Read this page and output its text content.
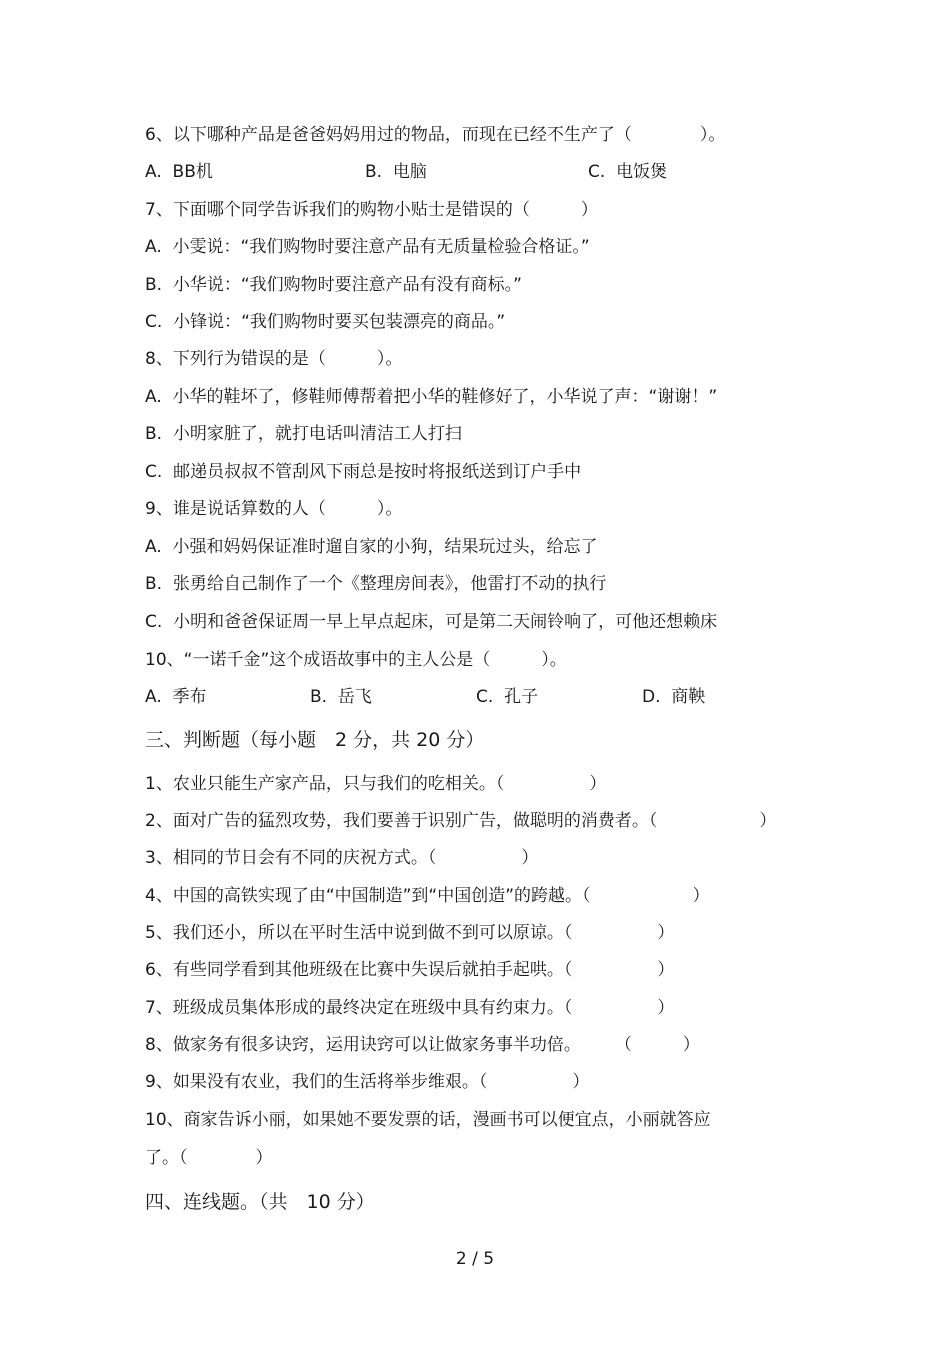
6、以下哪种产品是爸爸妈妈用过的物品，而现在已经不生产了（　　　　）。
A.  BB机	B.  电脑	C.  电饭煲
7、下面哪个同学告诉我们的购物小贴士是错误的（　　　）
A.  小雯说：“我们购物时要注意产品有无质量检验合格证。”
B.  小华说：“我们购物时要注意产品有没有商标。”
C.  小锋说：“我们购物时要买包装漂亮的商品。”
8、下列行为错误的是（　　　）。
A.  小华的鞋坏了，修鞋师傅帮着把小华的鞋修好了，小华说了声：“谢谢！”
B.  小明家脏了，就打电话叫清洁工人打扫
C.  邮递员叔叔不管刮风下雨总是按时将报纸送到订户手中
9、谁是说话算数的人（　　　）。
A.  小强和妈妈保证准时遛自家的小狗，结果玩过头，给忘了
B.  张勇给自己制作了一个《整理房间表》，他雷打不动的执行
C.  小明和爸爸保证周一早上早点起床，可是第二天闹铃响了，可他还想赖床
10、“一诺千金”这个成语故事中的主人公是（　　　）。
A.  季布	B.  岳飞	C.  孔子	D.  商鞅
三、判断题（每小题　2 分，共 20 分）
1、农业只能生产家产品，只与我们的吃相关。（　　　　　）
2、面对广告的猛烈攻势，我们要善于识别广告，做聪明的消费者。（　　　　　　）
3、相同的节日会有不同的庆祝方式。（　　　　　）
4、中国的高铁实现了由“中国制造”到“中国创造”的跨越。（　　　　　　）
5、我们还小，所以在平时生活中说到做不到可以原谅。（　　　　　）
6、有些同学看到其他班级在比赛中失误后就拍手起哄。（　　　　　）
7、班级成员集体形成的最终决定在班级中具有约束力。（　　　　　）
8、做家务有很多诀窍，运用诀窍可以让做家务事半功倍。　　　（　　　）
9、如果没有农业，我们的生活将举步维艰。（　　　　　）
10、商家告诉小丽，如果她不要发票的话，漫画书可以便宜点，小丽就答应
了。（　　　　）
四、连线题。（共　10 分）
2 / 5
